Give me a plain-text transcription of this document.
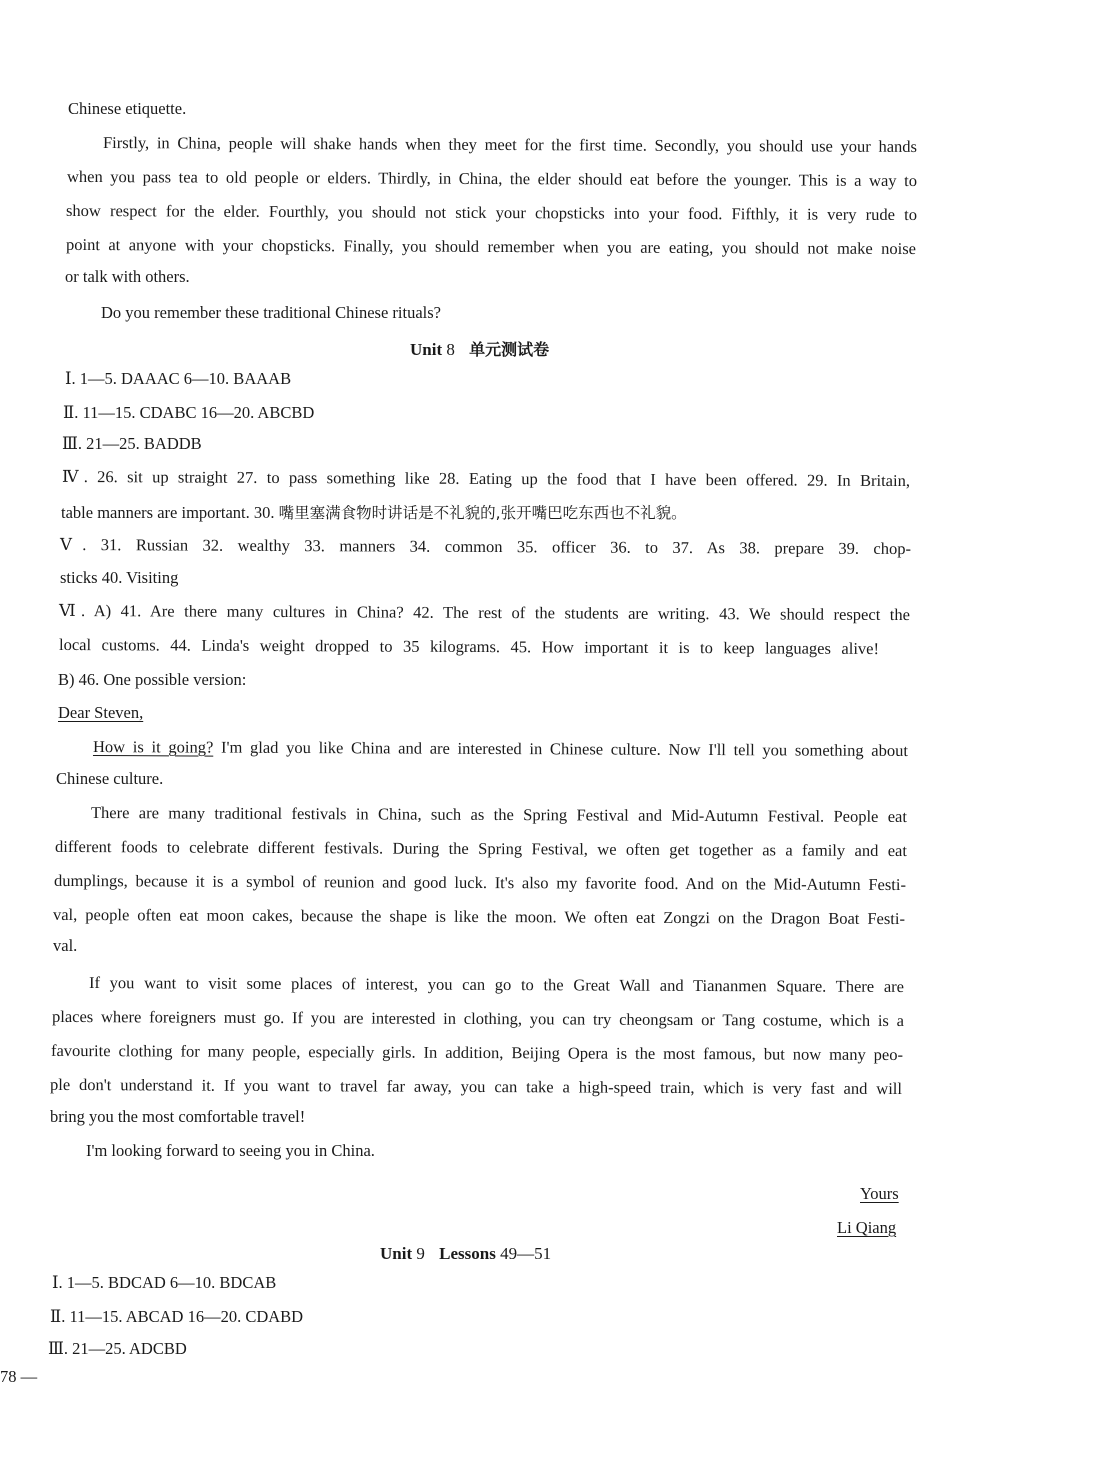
Chinese etiquette.
Firstly, in China, people will shake hands when they meet for the first time. Secondly, you should use your hands
when you pass tea to old people or elders. Thirdly, in China, the elder should eat before the younger. This is a way to
show respect for the elder. Fourthly, you should not stick your chopsticks into your food. Fifthly, it is very rude to
point at anyone with your chopsticks. Finally, you should remember when you are eating, you should not make noise
or talk with others.
Do you remember these traditional Chinese rituals?
Unit 8 单元测试卷
Ⅰ. 1—5. DAAAC 6—10. BAAAB
Ⅱ. 11—15. CDABC 16—20. ABCBD
Ⅲ. 21—25. BADDB
Ⅳ. 26. sit up straight 27. to pass something like 28. Eating up the food that I have been offered. 29. In Britain,
table manners are important. 30. 嘴里塞满食物时讲话是不礼貌的,张开嘴巴吃东西也不礼貌。
Ⅴ. 31. Russian 32. wealthy 33. manners 34. common 35. officer 36. to 37. As 38. prepare 39. chop-
sticks 40. Visiting
Ⅵ. A) 41. Are there many cultures in China? 42. The rest of the students are writing. 43. We should respect the
local customs. 44. Linda's weight dropped to 35 kilograms. 45. How important it is to keep languages alive!
B) 46. One possible version:
Dear Steven,
How is it going? I'm glad you like China and are interested in Chinese culture. Now I'll tell you something about
Chinese culture.
There are many traditional festivals in China, such as the Spring Festival and Mid-Autumn Festival. People eat
different foods to celebrate different festivals. During the Spring Festival, we often get together as a family and eat
dumplings, because it is a symbol of reunion and good luck. It's also my favorite food. And on the Mid-Autumn Festi-
val, people often eat moon cakes, because the shape is like the moon. We often eat Zongzi on the Dragon Boat Festi-
val.
If you want to visit some places of interest, you can go to the Great Wall and Tiananmen Square. There are
places where foreigners must go. If you are interested in clothing, you can try cheongsam or Tang costume, which is a
favourite clothing for many people, especially girls. In addition, Beijing Opera is the most famous, but now many peo-
ple don't understand it. If you want to travel far away, you can take a high-speed train, which is very fast and will
bring you the most comfortable travel!
I'm looking forward to seeing you in China.
Yours
Li Qiang
Unit 9 Lessons 49—51
Ⅰ. 1—5. BDCAD 6—10. BDCAB
Ⅱ. 11—15. ABCAD 16—20. CDABD
Ⅲ. 21—25. ADCBD
78 —
